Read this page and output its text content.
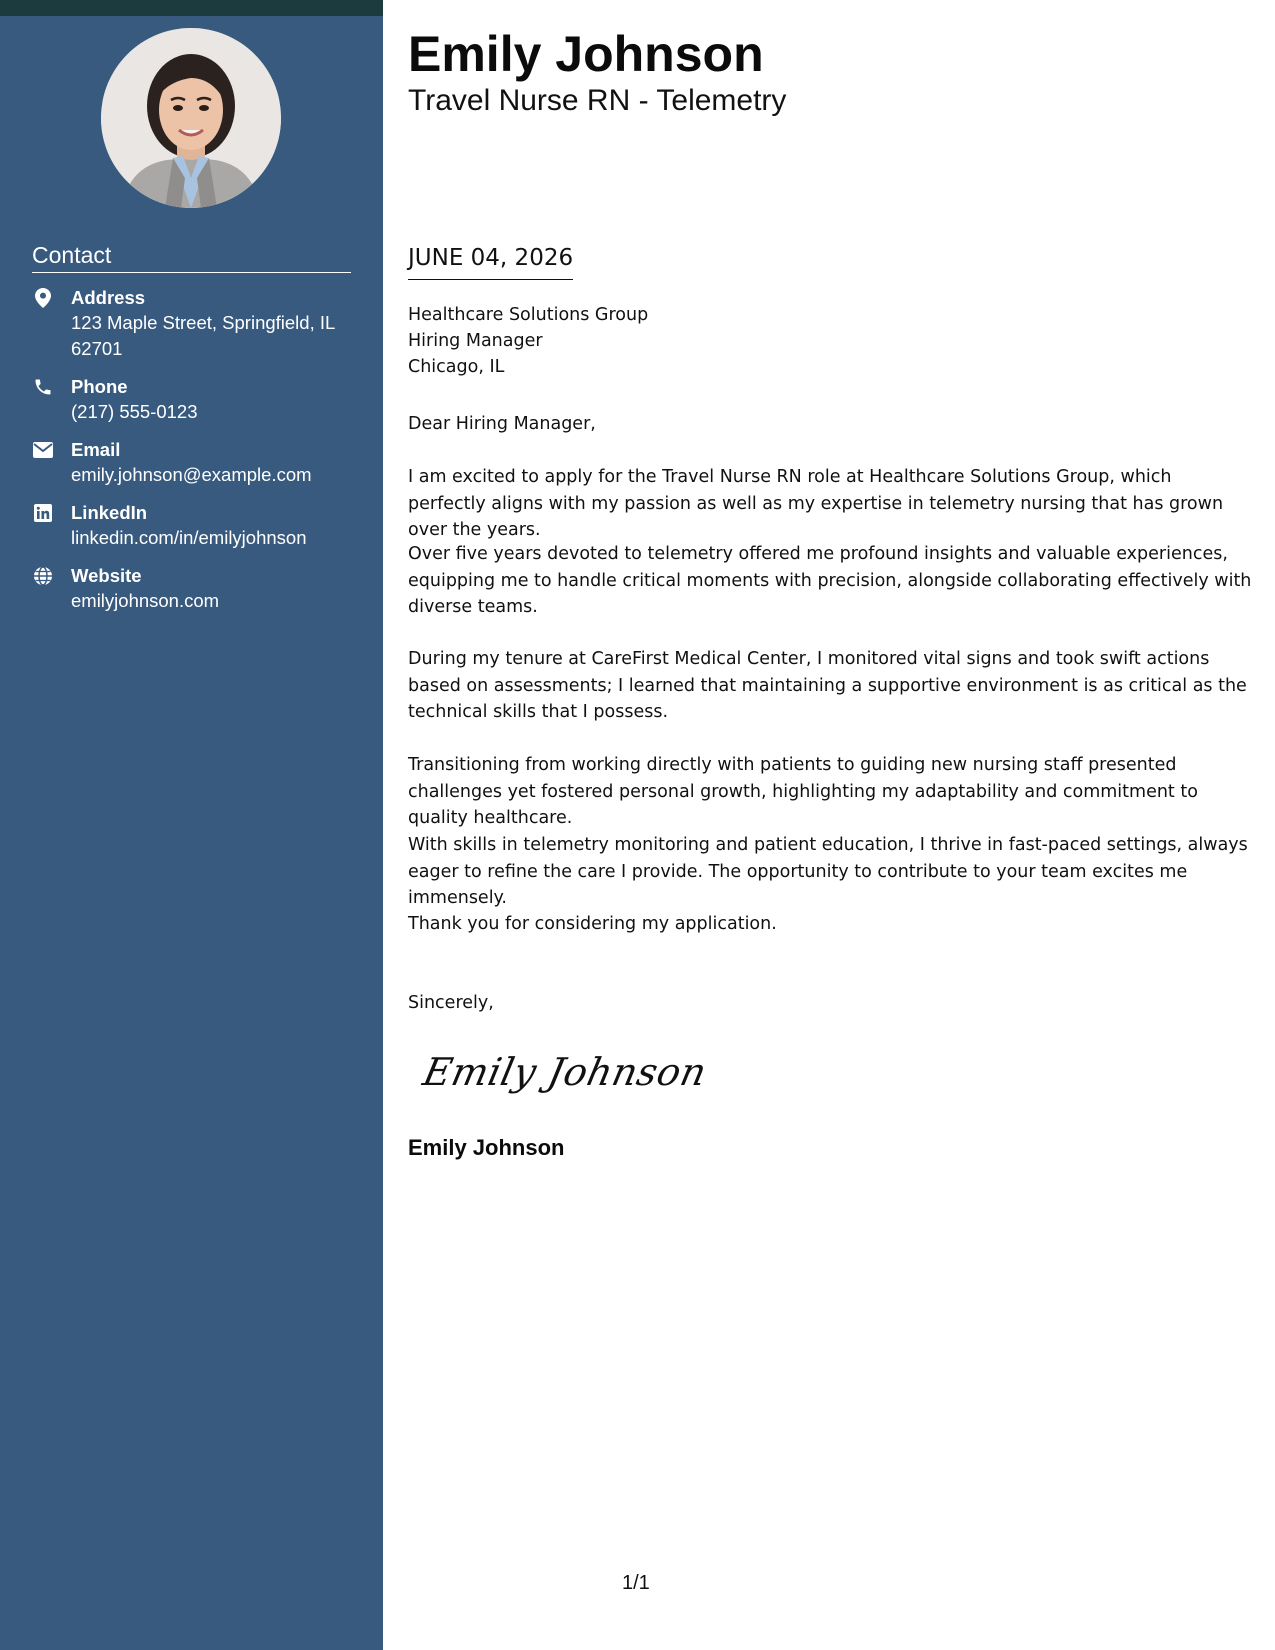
Contact
Address
123 Maple Street, Springfield, IL 62701
Phone
(217) 555-0123
Email
emily.johnson@example.com
LinkedIn
linkedin.com/in/emilyjohnson
Website
emilyjohnson.com
Emily Johnson
Travel Nurse RN - Telemetry
JUNE 04, 2026
Healthcare Solutions Group
Hiring Manager
Chicago, IL
Dear Hiring Manager,
I am excited to apply for the Travel Nurse RN role at Healthcare Solutions Group, which perfectly aligns with my passion as well as my expertise in telemetry nursing that has grown over the years.
Over five years devoted to telemetry offered me profound insights and valuable experiences, equipping me to handle critical moments with precision, alongside collaborating effectively with diverse teams.
During my tenure at CareFirst Medical Center, I monitored vital signs and took swift actions based on assessments; I learned that maintaining a supportive environment is as critical as the technical skills that I possess.
Transitioning from working directly with patients to guiding new nursing staff presented challenges yet fostered personal growth, highlighting my adaptability and commitment to quality healthcare.
With skills in telemetry monitoring and patient education, I thrive in fast-paced settings, always eager to refine the care I provide. The opportunity to contribute to your team excites me immensely.
Thank you for considering my application.
Sincerely,
Emily Johnson
Emily Johnson
1/1
